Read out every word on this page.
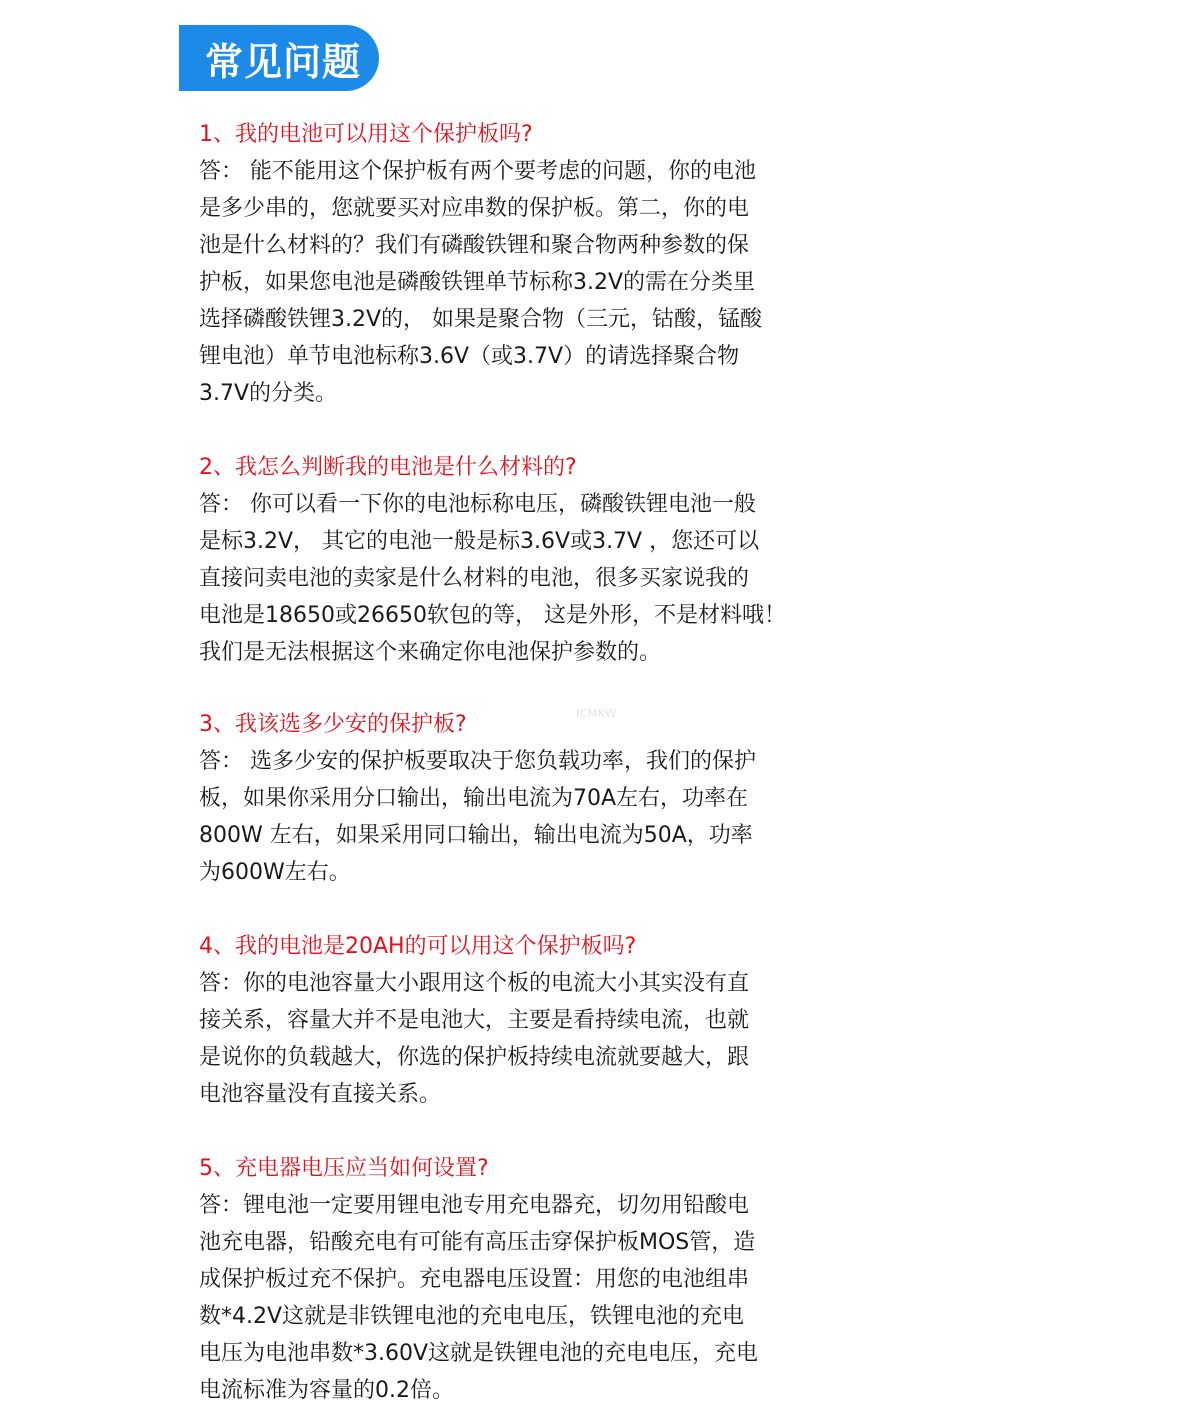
常见问题
ICMKW
1、我的电池可以用这个保护板吗?
答： 能不能用这个保护板有两个要考虑的问题，你的电池
是多少串的，您就要买对应串数的保护板。第二，你的电
池是什么材料的？我们有磷酸铁锂和聚合物两种参数的保
护板，如果您电池是磷酸铁锂单节标称3.2V的需在分类里
选择磷酸铁锂3.2V的， 如果是聚合物（三元，钴酸，锰酸
锂电池）单节电池标称3.6V（或3.7V）的请选择聚合物
3.7V的分类。
2、我怎么判断我的电池是什么材料的?
答： 你可以看一下你的电池标称电压，磷酸铁锂电池一般
是标3.2V， 其它的电池一般是标3.6V或3.7V ，您还可以
直接问卖电池的卖家是什么材料的电池，很多买家说我的
电池是18650或26650软包的等， 这是外形，不是材料哦！
我们是无法根据这个来确定你电池保护参数的。
3、我该选多少安的保护板?
答： 选多少安的保护板要取决于您负载功率，我们的保护
板，如果你采用分口输出，输出电流为70A左右，功率在
800W 左右，如果采用同口输出，输出电流为50A，功率
为600W左右。
4、我的电池是20AH的可以用这个保护板吗?
答：你的电池容量大小跟用这个板的电流大小其实没有直
接关系，容量大并不是电池大，主要是看持续电流，也就
是说你的负载越大，你选的保护板持续电流就要越大，跟
电池容量没有直接关系。
5、充电器电压应当如何设置?
答：锂电池一定要用锂电池专用充电器充，切勿用铅酸电
池充电器，铅酸充电有可能有高压击穿保护板MOS管，造
成保护板过充不保护。充电器电压设置：用您的电池组串
数*4.2V这就是非铁锂电池的充电电压，铁锂电池的充电
电压为电池串数*3.60V这就是铁锂电池的充电电压，充电
电流标准为容量的0.2倍。
